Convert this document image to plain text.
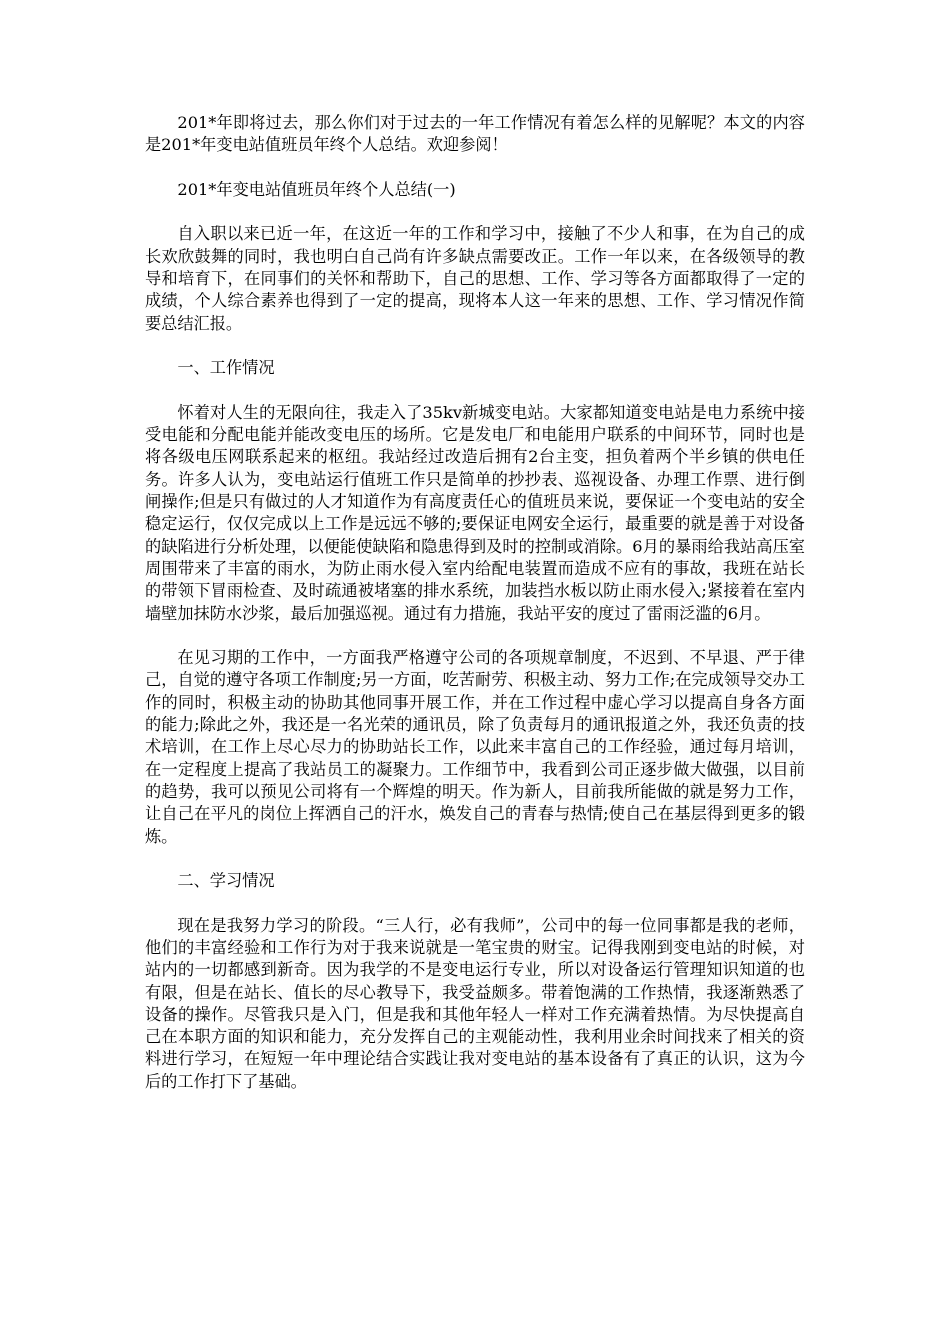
201*年即将过去，那么你们对于过去的一年工作情况有着怎么样的见解呢？本文的内容是201*年变电站值班员年终个人总结。欢迎参阅！

201*年变电站值班员年终个人总结(一)

自入职以来已近一年，在这近一年的工作和学习中，接触了不少人和事，在为自己的成长欢欣鼓舞的同时，我也明白自己尚有许多缺点需要改正。工作一年以来，在各级领导的教导和培育下，在同事们的关怀和帮助下，自己的思想、工作、学习等各方面都取得了一定的成绩，个人综合素养也得到了一定的提高，现将本人这一年来的思想、工作、学习情况作简要总结汇报。

一、工作情况

怀着对人生的无限向往，我走入了35kv新城变电站。大家都知道变电站是电力系统中接受电能和分配电能并能改变电压的场所。它是发电厂和电能用户联系的中间环节，同时也是将各级电压网联系起来的枢纽。我站经过改造后拥有2台主变，担负着两个半乡镇的供电任务。许多人认为，变电站运行值班工作只是简单的抄抄表、巡视设备、办理工作票、进行倒闸操作;但是只有做过的人才知道作为有高度责任心的值班员来说，要保证一个变电站的安全稳定运行，仅仅完成以上工作是远远不够的;要保证电网安全运行，最重要的就是善于对设备的缺陷进行分析处理，以便能使缺陷和隐患得到及时的控制或消除。6月的暴雨给我站高压室周围带来了丰富的雨水，为防止雨水侵入室内给配电装置而造成不应有的事故，我班在站长的带领下冒雨检查、及时疏通被堵塞的排水系统，加装挡水板以防止雨水侵入;紧接着在室内墙壁加抹防水沙浆，最后加强巡视。通过有力措施，我站平安的度过了雷雨泛滥的6月。

在见习期的工作中，一方面我严格遵守公司的各项规章制度，不迟到、不早退、严于律己，自觉的遵守各项工作制度;另一方面，吃苦耐劳、积极主动、努力工作;在完成领导交办工作的同时，积极主动的协助其他同事开展工作，并在工作过程中虚心学习以提高自身各方面的能力;除此之外，我还是一名光荣的通讯员，除了负责每月的通讯报道之外，我还负责的技术培训，在工作上尽心尽力的协助站长工作，以此来丰富自己的工作经验，通过每月培训，在一定程度上提高了我站员工的凝聚力。工作细节中，我看到公司正逐步做大做强，以目前的趋势，我可以预见公司将有一个辉煌的明天。作为新人，目前我所能做的就是努力工作，让自己在平凡的岗位上挥洒自己的汗水，焕发自己的青春与热情;使自己在基层得到更多的锻炼。

二、学习情况

现在是我努力学习的阶段。“三人行，必有我师”，公司中的每一位同事都是我的老师，他们的丰富经验和工作行为对于我来说就是一笔宝贵的财宝。记得我刚到变电站的时候，对站内的一切都感到新奇。因为我学的不是变电运行专业，所以对设备运行管理知识知道的也有限，但是在站长、值长的尽心教导下，我受益颇多。带着饱满的工作热情，我逐渐熟悉了设备的操作。尽管我只是入门，但是我和其他年轻人一样对工作充满着热情。为尽快提高自己在本职方面的知识和能力，充分发挥自己的主观能动性，我利用业余时间找来了相关的资料进行学习，在短短一年中理论结合实践让我对变电站的基本设备有了真正的认识，这为今后的工作打下了基础。
